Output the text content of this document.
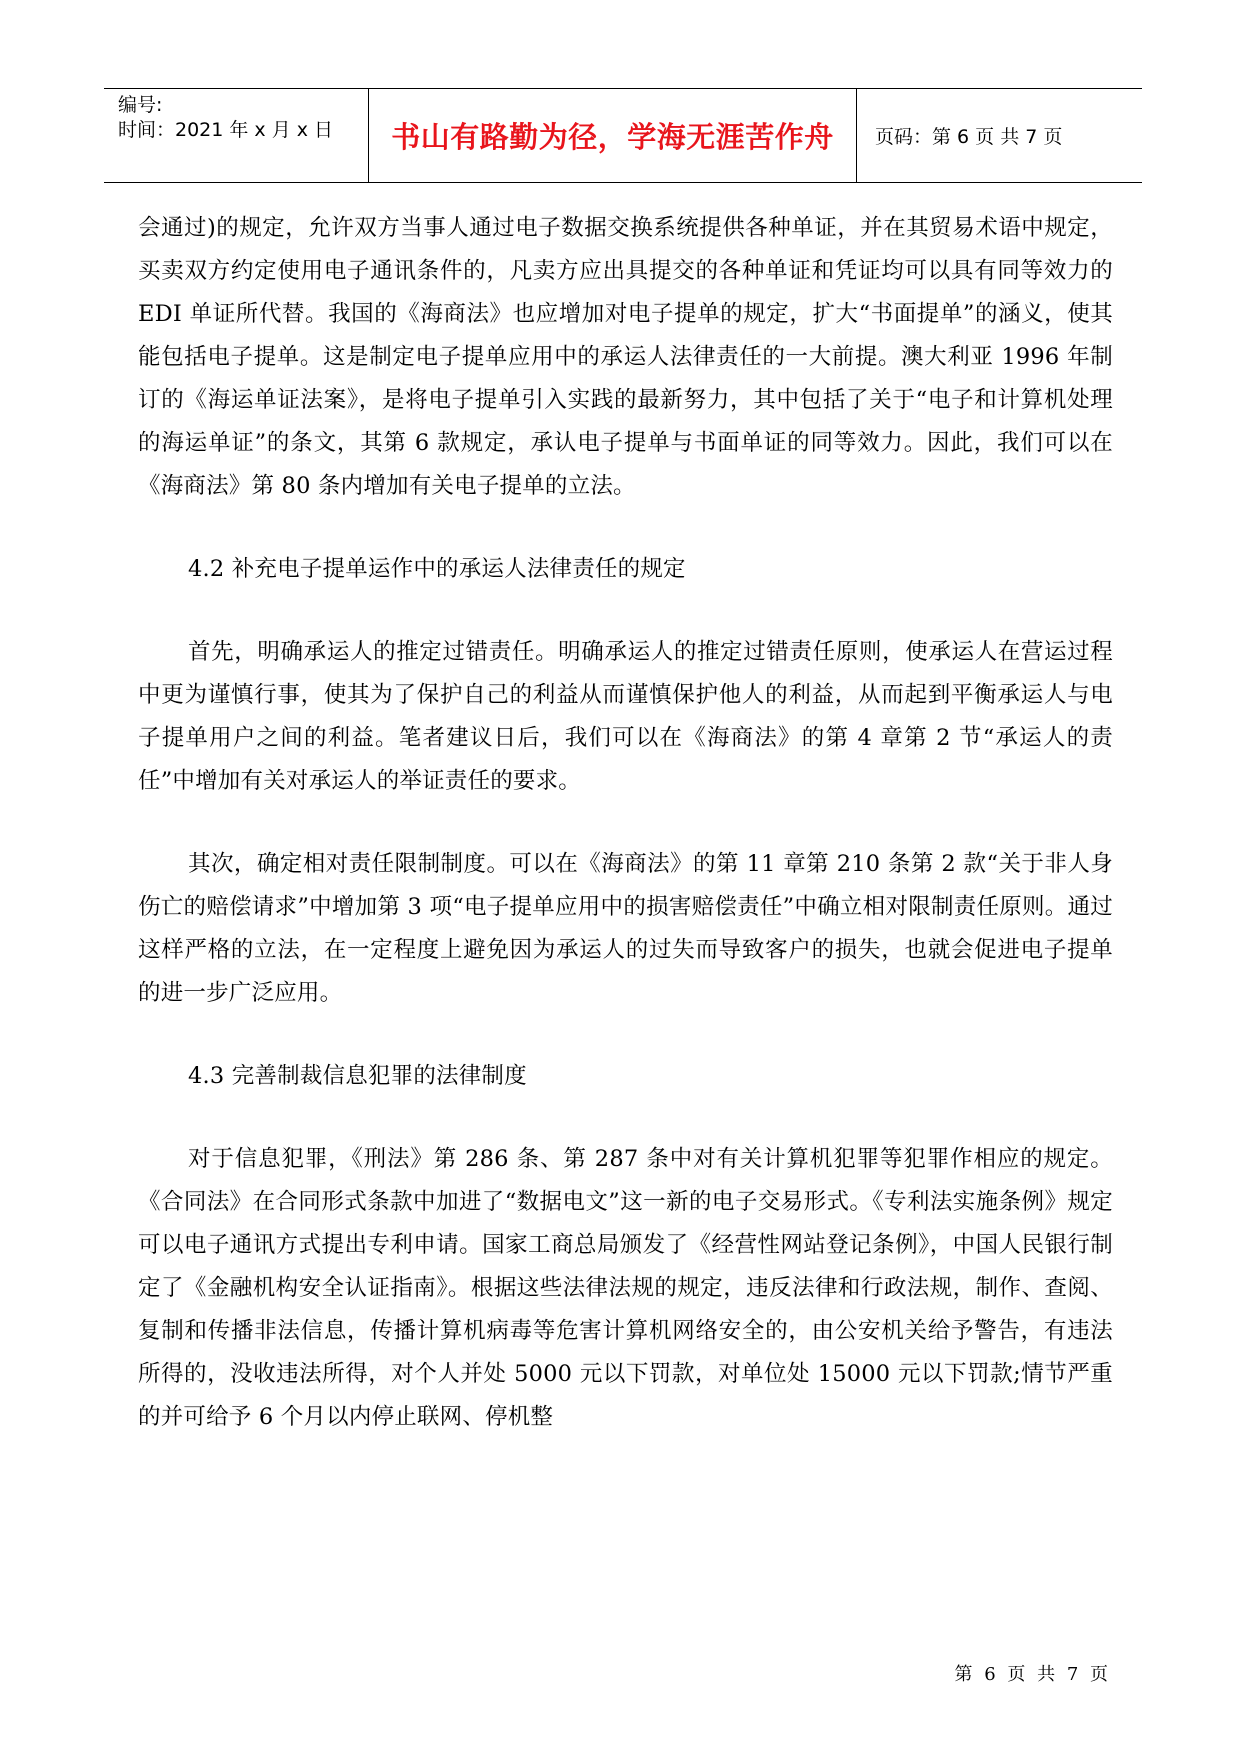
编号:
时间：2021 年 x 月 x 日 书山有路勤为径，学海无涯苦作舟 页码：第 6 页 共 7 页

会通过)的规定，允许双方当事人通过电子数据交换系统提供各种单证，并在其贸易术语中规定，买卖双方约定使用电子通讯条件的，凡卖方应出具提交的各种单证和凭证均可以具有同等效力的 EDI 单证所代替。我国的《海商法》也应增加对电子提单的规定，扩大“书面提单”的涵义，使其能包括电子提单。这是制定电子提单应用中的承运人法律责任的一大前提。澳大利亚 1996 年制订的《海运单证法案》，是将电子提单引入实践的最新努力，其中包括了关于“电子和计算机处理的海运单证”的条文，其第 6 款规定，承认电子提单与书面单证的同等效力。因此，我们可以在《海商法》第 80 条内增加有关电子提单的立法。

4.2 补充电子提单运作中的承运人法律责任的规定

首先，明确承运人的推定过错责任。明确承运人的推定过错责任原则，使承运人在营运过程中更为谨慎行事，使其为了保护自己的利益从而谨慎保护他人的利益，从而起到平衡承运人与电子提单用户之间的利益。笔者建议日后，我们可以在《海商法》的第 4 章第 2 节“承运人的责任”中增加有关对承运人的举证责任的要求。

其次，确定相对责任限制制度。可以在《海商法》的第 11 章第 210 条第 2 款“关于非人身伤亡的赔偿请求”中增加第 3 项“电子提单应用中的损害赔偿责任”中确立相对限制责任原则。通过这样严格的立法，在一定程度上避免因为承运人的过失而导致客户的损失，也就会促进电子提单的进一步广泛应用。

4.3 完善制裁信息犯罪的法律制度

对于信息犯罪，《刑法》第 286 条、第 287 条中对有关计算机犯罪等犯罪作相应的规定。《合同法》在合同形式条款中加进了“数据电文”这一新的电子交易形式。《专利法实施条例》规定可以电子通讯方式提出专利申请。国家工商总局颁发了《经营性网站登记条例》，中国人民银行制定了《金融机构安全认证指南》。根据这些法律法规的规定，违反法律和行政法规，制作、查阅、复制和传播非法信息，传播计算机病毒等危害计算机网络安全的，由公安机关给予警告，有违法所得的，没收违法所得，对个人并处 5000 元以下罚款，对单位处 15000 元以下罚款;情节严重的并可给予 6 个月以内停止联网、停机整

第 6 页 共 7 页
